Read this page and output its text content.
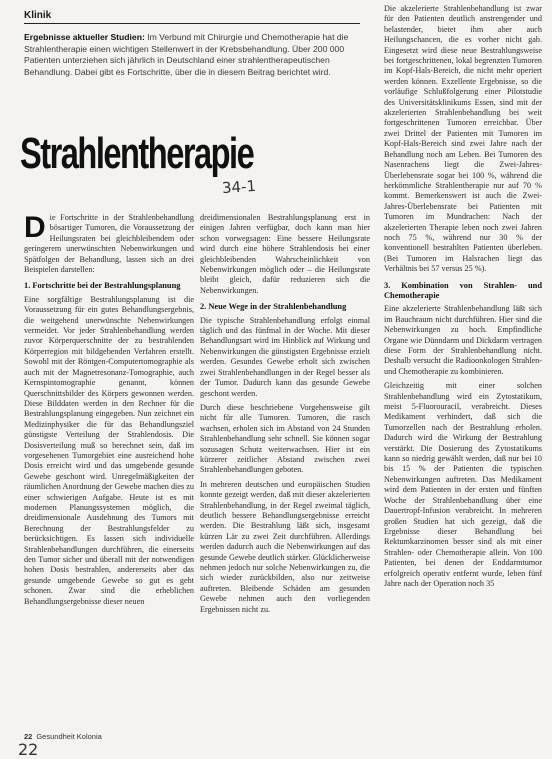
Klinik
Ergebnisse aktueller Studien: Im Verbund mit Chirurgie und Chemotherapie hat die Strahlentherapie einen wichtigen Stellenwert in der Krebsbehandlung. Über 200 000 Patienten unterziehen sich jährlich in Deutschland einer strahlentherapeutischen Behandlung. Dabei gibt es Fortschritte, über die in diesem Beitrag berichtet wird.
Strahlentherapie
34-1

Die Fortschritte in der Strahlenbehandlung bösartiger Tumoren, die Voraussetzung der Heilungsraten bei gleichbleibendem oder geringerem unerwünschten Nebenwirkungen und Spätfolgen der Behandlung, lassen sich an drei Beispielen darstellen:

1. Fortschritte bei der Bestrahlungsplanung

Eine sorgfältige Bestrahlungsplanung ist die Voraussetzung für ein gutes Behandlungsergebnis, die weitgehend unerwünschte Nebenwirkungen vermeidet. Vor jeder Strahlenbehandlung werden zuvor Körperquerschnitte der zu bestrahlenden Körperregion mit bildgebenden Verfahren erstellt. Sowohl mit der Röntgen-Computertomographie als auch mit der Magnetresonanz-Tomographie, auch Kernspintomographie genannt, können Querschnittsbilder des Körpers gewonnen werden. Diese Bilddaten werden in den Rechner für die Bestrahlungsplanung eingegeben. Nun zeichnet ein Medizinphysiker die für das Behandlungsziel günstigste Verteilung der Strahlendosis. Die Dosisverteilung muß so berechnet sein, daß im vorgesehenen Tumorgebiet eine ausreichend hohe Dosis erreicht wird und das umgebende gesunde Gewebe geschont wird. Unregelmäßigkeiten der räumlichen Anordnung der Gewebe machen dies zu einer schwierigen Aufgabe. Heute ist es mit modernen Planungssystemen möglich, die dreidimensionale Ausdehnung des Tumors mit Berechnung der Bestrahlungsfelder zu berücksichtigen. Es lassen sich individuelle Strahlenbehandlungen durchführen, die einerseits den Tumor sicher und überall mit der notwendigen hohen Dosis bestrahlen, andererseits aber das gesunde umgebende Gewebe so gut es geht schonen. Zwar sind die erheblichen Behandlungsergebnisse dieser neuen

dreidimensionalen Bestrahlungsplanung erst in einigen Jahren verfügbar, doch kann man hier schon vorwegsagen: Eine bessere Heilungsrate wird durch eine höhere Strahlendosis bei einer gleichbleibenden Wahrscheinlichkeit von Nebenwirkungen möglich oder – die Heilungsrate bleibt gleich, dafür reduzieren sich die Nebenwirkungen.

2. Neue Wege in der Strahlenbehandlung

Die typische Strahlenbehandlung erfolgt einmal täglich und das fünfmal in der Woche. Mit dieser Behandlungsart wird im Hinblick auf Wirkung und Nebenwirkungen die günstigsten Ergebnisse erzielt werden. Gesundes Gewebe erholt sich zwischen zwei Strahlenbehandlungen in der Regel besser als der Tumor. Dadurch kann das gesunde Gewebe geschont werden.

Durch diese beschriebene Vorgehensweise gilt nicht für alle Tumoren. Tumoren, die rasch wachsen, erholen sich im Abstand von 24 Stunden Strahlenbehandlung sehr schnell. Sie können sogar sozusagen Schutz weiterwachsen. Hier ist ein kürzerer zeitlicher Abstand zwischen zwei Strahlenbehandlungen geboten.

In mehreren deutschen und europäischen Studien konnte gezeigt werden, daß mit dieser akzelerierten Strahlenbehandlung, in der Regel zweimal täglich, deutlich bessere Behandlungsergebnisse erreicht werden. Die Bestrahlung läßt sich, insgesamt kürzen Lär zu zwei Zeit durchführen. Allerdings werden dadurch auch die Nebenwirkungen auf das gesunde Gewebe deutlich stärker. Glücklicherweise nehmen jedoch nur solche Nebenwirkungen zu, die sich wieder zurückbilden, also nur zeitweise auftreten. Bleibende Schäden am gesunden Gewebe nehmen auch den vorliegenden Ergebnissen nicht zu.

Die akzelerierte Strahlenbehandlung ist zwar für den Patienten deutlich anstrengender und belastender, bietet ihm aber auch Heilungschancen, die es vorher nicht gab. Eingesetzt wird diese neue Bestrahlungsweise bei fortgeschrittenen, lokal begrenzten Tumoren im Kopf-Hals-Bereich, die nicht mehr operiert werden können. Exzellente Ergebnisse, so die vorläufige Schlußfolgerung einer Pilotstudie des Universitätsklinikums Essen, sind mit der akzelerierten Strahlenbehandlung bei weit fortgeschrittenen Tumoren erreichbar. Über zwei Drittel der Patienten mit Tumoren im Kopf-Hals-Bereich sind zwei Jahre nach der Behandlung noch am Leben. Bei Tumoren des Nasenrachens liegt die Zwei-Jahres-Überlebensrate sogar bei 100 %, während die herkömmliche Strahlentherapie nur auf 70 % kommt. Bemerkenswert ist auch die Zwei-Jahres-Überlebensrate bei Patienten mit Tumoren im Mundrachen: Nach der akzelerierten Therapie leben noch zwei Jahren noch 75 %, während nur 30 % der konventionell bestrahlten Patienten überleben. (Bei Tumoren im Halsrachen liegt das Verhältnis bei 57 versus 25 %).

3. Kombination von Strahlen- und Chemotherapie

Eine akzelerierte Strahlenbehandlung läßt sich im Bauchraum nicht durchführen. Hier sind die Nebenwirkungen zu hoch. Empfindliche Organe wie Dünndarm und Dickdarm vertragen diese Form der Strahlenbehandlung nicht. Deshalb versucht die Radioonkologen Strahlen- und Chemotherapie zu kombinieren.

Gleichzeitig mit einer solchen Strahlenbehandlung wird ein Zytostatikum, meist 5-Fluorouracil, verabreicht. Dieses Medikament verhindert, daß sich die Tumorzellen nach der Bestrahlung erholen. Dadurch wird die Wirkung der Bestrahlung verstärkt. Die Dosierung des Zytostatikums kann so niedrig gewählt werden, daß nur bei 10 bis 15 % der Patienten die typischen Nebenwirkungen auftreten. Das Medikament wird dem Patienten in der ersten und fünften Woche der Strahlenbehandlung über eine Dauertropf-Infusion verabreicht. In mehreren großen Studien hat sich gezeigt, daß die Ergebnisse dieser Behandlung bei Rektumkarzinomen besser sind als mit einer Strahlen- oder Chemotherapie allein. Von 100 Patienten, bei denen der Enddarmtumor erfolgreich operativ entfernt wurde, leben fünf Jahre nach der Operation noch 35

22 Gesundheit Kolonia
22
